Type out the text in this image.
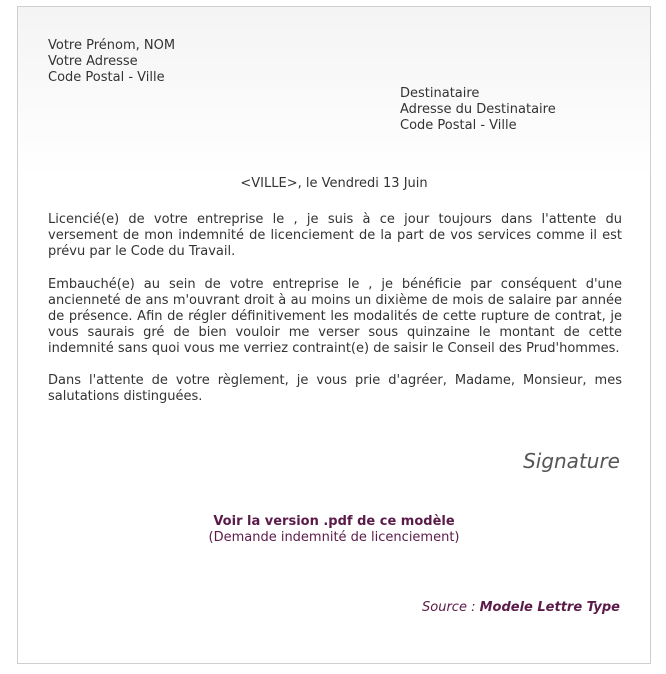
Votre Prénom, NOM
Votre Adresse
Code Postal - Ville
Destinataire
Adresse du Destinataire
Code Postal - Ville
<VILLE>, le Vendredi 13 Juin
Licencié(e) de votre entreprise le , je suis à ce jour toujours dans l'attente du versement de mon indemnité de licenciement de la part de vos services comme il est prévu par le Code du Travail.
Embauché(e) au sein de votre entreprise le , je bénéficie par conséquent d'une ancienneté de ans m'ouvrant droit à au moins un dixième de mois de salaire par année de présence. Afin de régler définitivement les modalités de cette rupture de contrat, je vous saurais gré de bien vouloir me verser sous quinzaine le montant de cette indemnité sans quoi vous me verriez contraint(e) de saisir le Conseil des Prud'hommes.
Dans l'attente de votre règlement, je vous prie d'agréer, Madame, Monsieur, mes salutations distinguées.
Signature
Voir la version .pdf de ce modèle
(Demande indemnité de licenciement)
Source : Modele Lettre Type
